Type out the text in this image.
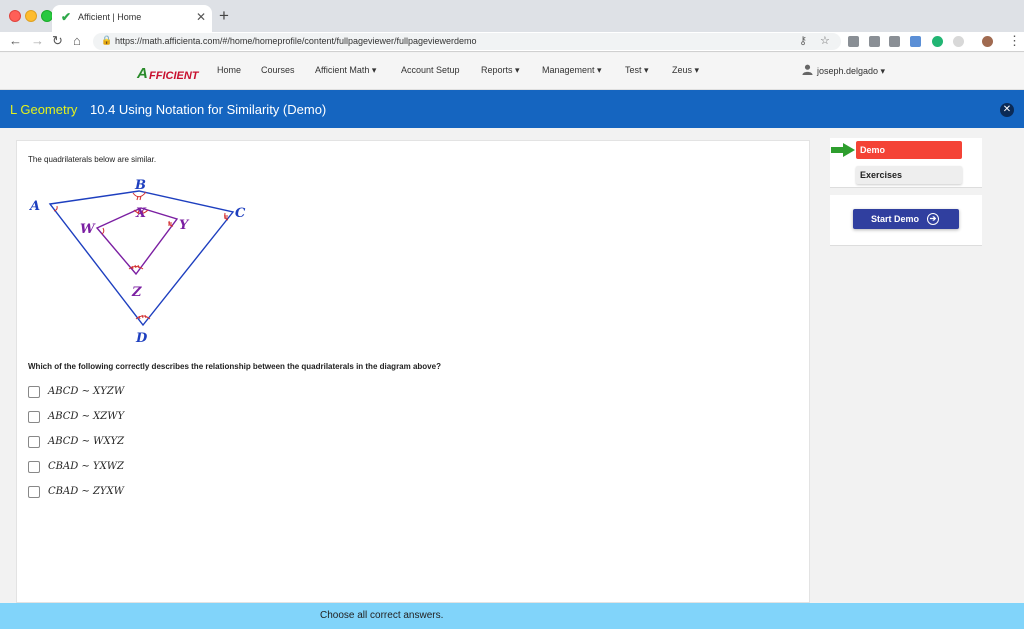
✔ Afficient | Home	✕ +
← → ↻ ⌂ 🔒 https://math.afficienta.com/#/home/homeprofile/content/fullpageviewer/fullpageviewerdemo	⚷ ☆	⋮
A FFICIENT Home Courses Afficient Math ▾	Account Setup Reports ▾ Management ▾	Test ▾	Zeus ▾	joseph.delgado ▾
L Geometry 10.4 Using Notation for Similarity (Demo)	✕
The quadrilaterals below are similar.
B
A	C
D
X
W	Y
Z
Which of the following correctly describes the relationship between the quadrilaterals in the diagram above?
ABCD ∼ XYZW
ABCD ∼ XZWY
ABCD ∼ WXYZ
CBAD ∼ YXWZ
CBAD ∼ ZYXW
Demo
Exercises
Start Demo	➔
Choose all correct answers.
